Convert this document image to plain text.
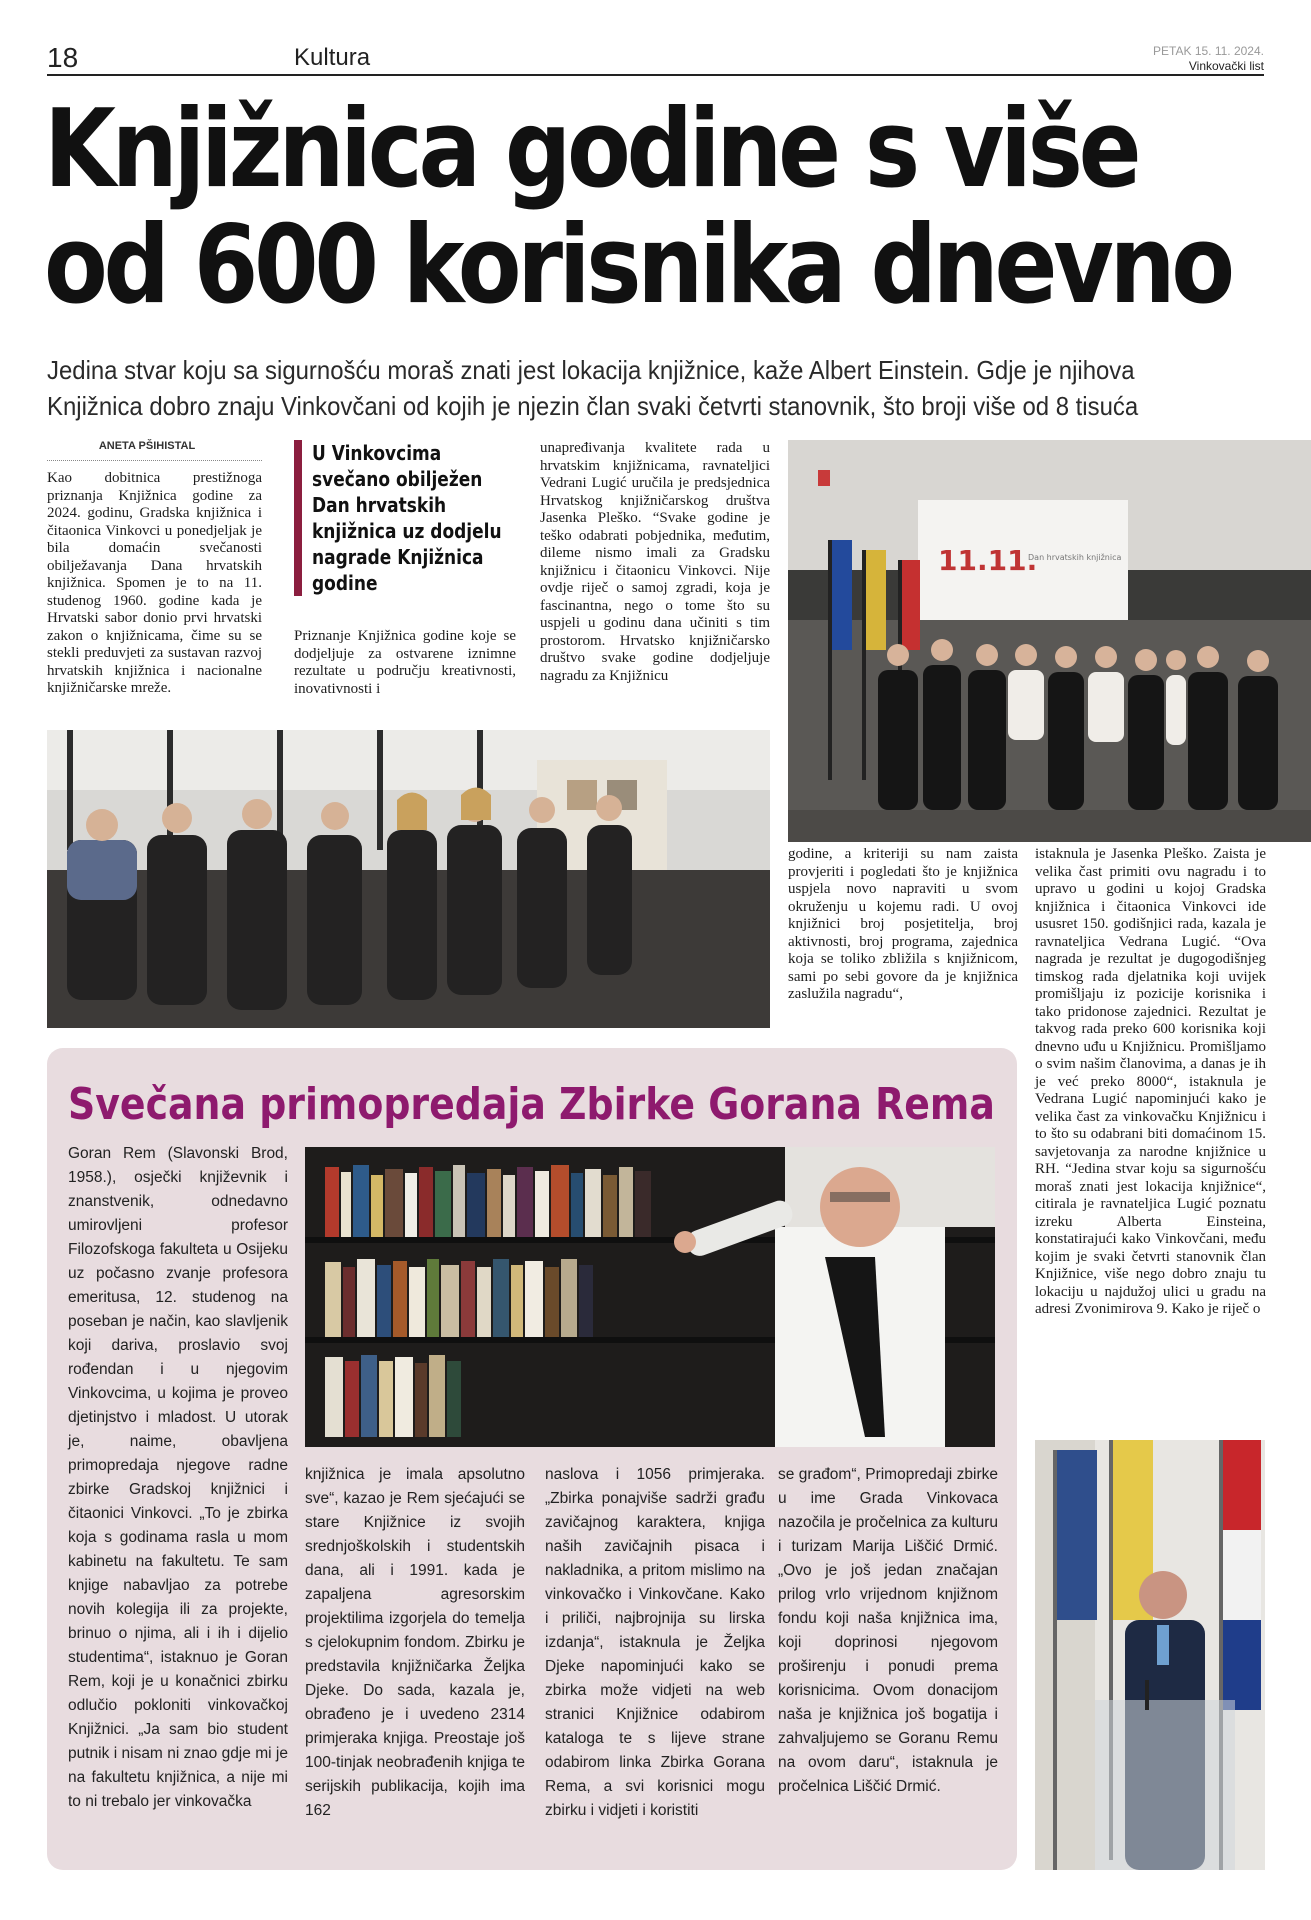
18	Kultura	PETAK 15. 11. 2024.
Vinkovački list
Knjižnica godine s više
od 600 korisnika dnevno

Jedina stvar koju sa sigurnošću moraš znati jest lokacija knjižnice, kaže Albert Einstein. Gdje je njihova
Knjižnica dobro znaju Vinkovčani od kojih je njezin član svaki četvrti stanovnik, što broji više od 8 tisuća

ANETA PŠIHISTAL

Kao dobitnica prestižnoga priznanja Knjižnica godine za 2024. godinu, Gradska knjižnica i čitaonica Vinkovci u ponedjeljak je bila domaćin svečanosti obilježavanja Dana hrvatskih knjižnica. Spomen je to na 11. studenog 1960. godine kada je Hrvatski sabor donio prvi hrvatski zakon o knjižnicama, čime su se stekli preduvjeti za sustavan razvoj hrvatskih knjižnica i nacionalne knjižničarske mreže.

U Vinkovcima svečano obilježen Dan hrvatskih knjižnica uz dodjelu nagrade Knjižnica godine

Priznanje Knjižnica godine koje se dodjeljuje za ostvarene iznimne rezultate u području kreativnosti, inovativnosti i

unapređivanja kvalitete rada u hrvatskim knjižnicama, ravnateljici Vedrani Lugić uručila je predsjednica Hrvatskog knjižničarskog društva Jasenka Pleško. “Svake godine je teško odabrati pobjednika, međutim, dileme nismo imali za Gradsku knjižnicu i čitaonicu Vinkovci. Nije ovdje riječ o samoj zgradi, koja je fascinantna, nego o tome što su uspjeli u godinu dana učiniti s tim prostorom. Hrvatsko knjižničarsko društvo svake godine dodjeljuje nagradu za Knjižnicu

11.11.
Dan hrvatskih knjižnica

godine, a kriteriji su nam zaista provjeriti i pogledati što je knjižnica uspjela novo napraviti u svom okruženju u kojemu radi. U ovoj knjižnici broj posjetitelja, broj aktivnosti, broj programa, zajednica koja se toliko zbližila s knjižnicom, sami po sebi govore da je knjižnica zaslužila nagradu“,

istaknula je Jasenka Pleško. Zaista je velika čast primiti ovu nagradu i to upravo u godini u kojoj Gradska knjižnica i čitaonica Vinkovci ide ususret 150. godišnjici rada, kazala je ravnateljica Vedrana Lugić. “Ova nagrada je rezultat je dugogodišnjeg timskog rada djelatnika koji uvijek promišljaju iz pozicije korisnika i tako pridonose zajednici. Rezultat je takvog rada preko 600 korisnika koji dnevno uđu u Knjižnicu. Promišljamo o svim našim članovima, a danas je ih je već preko 8000“, istaknula je Vedrana Lugić napominjući kako je velika čast za vinkovačku Knjižnicu i to što su odabrani biti domaćinom 15. savjetovanja za narodne knjižnice u RH. “Jedina stvar koju sa sigurnošću moraš znati jest lokacija knjižnice“, citirala je ravnateljica Lugić poznatu izreku Alberta Einsteina, konstatirajući kako Vinkovčani, među kojim je svaki četvrti stanovnik član Knjižnice, više nego dobro znaju tu lokaciju u najdužoj ulici u gradu na adresi Zvonimirova 9. Kako je riječ o

Svečana primopredaja Zbirke Gorana Rema

Goran Rem (Slavonski Brod, 1958.), osječki književnik i znanstvenik, odnedavno umirovljeni profesor Filozofskoga fakulteta u Osijeku uz počasno zvanje profesora emeritusa, 12. studenog na poseban je način, kao slavljenik koji dariva, proslavio svoj rođendan i u njegovim Vinkovcima, u kojima je proveo djetinjstvo i mladost. U utorak je, naime, obavljena primopredaja njegove radne zbirke Gradskoj knjižnici i čitaonici Vinkovci. „To je zbirka koja s godinama rasla u mom kabinetu na fakultetu. Te sam knjige nabavljao za potrebe novih kolegija ili za projekte, brinuo o njima, ali i ih i dijelio studentima“, istaknuo je Goran Rem, koji je u konačnici zbirku odlučio pokloniti vinkovačkoj Knjižnici. „Ja sam bio student putnik i nisam ni znao gdje mi je na fakultetu knjižnica, a nije mi to ni trebalo jer vinkovačka

knjižnica je imala apsolutno sve“, kazao je Rem sjećajući se stare Knjižnice iz svojih srednjoškolskih i studentskih dana, ali i 1991. kada je zapaljena agresorskim projektilima izgorjela do temelja s cjelokupnim fondom. Zbirku je predstavila knjižničarka Željka Djeke. Do sada, kazala je, obrađeno je i uvedeno 2314 primjeraka knjiga. Preostaje još 100-tinjak neobrađenih knjiga te serijskih publikacija, kojih ima 162

naslova i 1056 primjeraka. „Zbirka ponajviše sadrži građu zavičajnog karaktera, knjiga naših zavičajnih pisaca i nakladnika, a pritom mislimo na vinkovačko i Vinkovčane. Kako i priliči, najbrojnija su lirska izdanja“, istaknula je Željka Djeke napominjući kako se zbirka može vidjeti na web stranici Knjižnice odabirom kataloga te s lijeve strane odabirom linka Zbirka Gorana Rema, a svi korisnici mogu zbirku i vidjeti i koristiti

se građom“, Primopredaji zbirke u ime Grada Vinkovaca nazočila je pročelnica za kulturu i turizam Marija Liščić Drmić. „Ovo je još jedan značajan prilog vrlo vrijednom knjižnom fondu koji naša knjižnica ima, koji doprinosi njegovom proširenju i ponudi prema korisnicima. Ovom donacijom naša je knjižnica još bogatija i zahvaljujemo se Goranu Remu na ovom daru“, istaknula je pročelnica Liščić Drmić.
